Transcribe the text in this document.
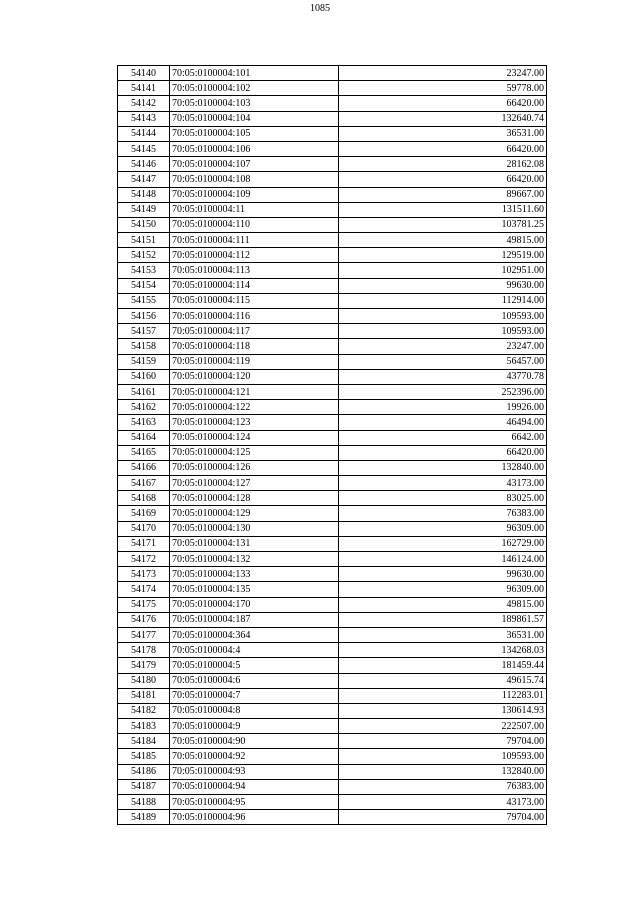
1085
54140	70:05:0100004:101	23247.00
54141	70:05:0100004:102	59778.00
54142	70:05:0100004:103	66420.00
54143	70:05:0100004:104	132640.74
54144	70:05:0100004:105	36531.00
54145	70:05:0100004:106	66420.00
54146	70:05:0100004:107	28162.08
54147	70:05:0100004:108	66420.00
54148	70:05:0100004:109	89667.00
54149	70:05:0100004:11	131511.60
54150	70:05:0100004:110	103781.25
54151	70:05:0100004:111	49815.00
54152	70:05:0100004:112	129519.00
54153	70:05:0100004:113	102951.00
54154	70:05:0100004:114	99630.00
54155	70:05:0100004:115	112914.00
54156	70:05:0100004:116	109593.00
54157	70:05:0100004:117	109593.00
54158	70:05:0100004:118	23247.00
54159	70:05:0100004:119	56457.00
54160	70:05:0100004:120	43770.78
54161	70:05:0100004:121	252396.00
54162	70:05:0100004:122	19926.00
54163	70:05:0100004:123	46494.00
54164	70:05:0100004:124	6642.00
54165	70:05:0100004:125	66420.00
54166	70:05:0100004:126	132840.00
54167	70:05:0100004:127	43173.00
54168	70:05:0100004:128	83025.00
54169	70:05:0100004:129	76383.00
54170	70:05:0100004:130	96309.00
54171	70:05:0100004:131	162729.00
54172	70:05:0100004:132	146124.00
54173	70:05:0100004:133	99630.00
54174	70:05:0100004:135	96309.00
54175	70:05:0100004:170	49815.00
54176	70:05:0100004:187	189861.57
54177	70:05:0100004:364	36531.00
54178	70:05:0100004:4	134268.03
54179	70:05:0100004:5	181459.44
54180	70:05:0100004:6	49615.74
54181	70:05:0100004:7	112283.01
54182	70:05:0100004:8	130614.93
54183	70:05:0100004:9	222507.00
54184	70:05:0100004:90	79704.00
54185	70:05:0100004:92	109593.00
54186	70:05:0100004:93	132840.00
54187	70:05:0100004:94	76383.00
54188	70:05:0100004:95	43173.00
54189	70:05:0100004:96	79704.00
